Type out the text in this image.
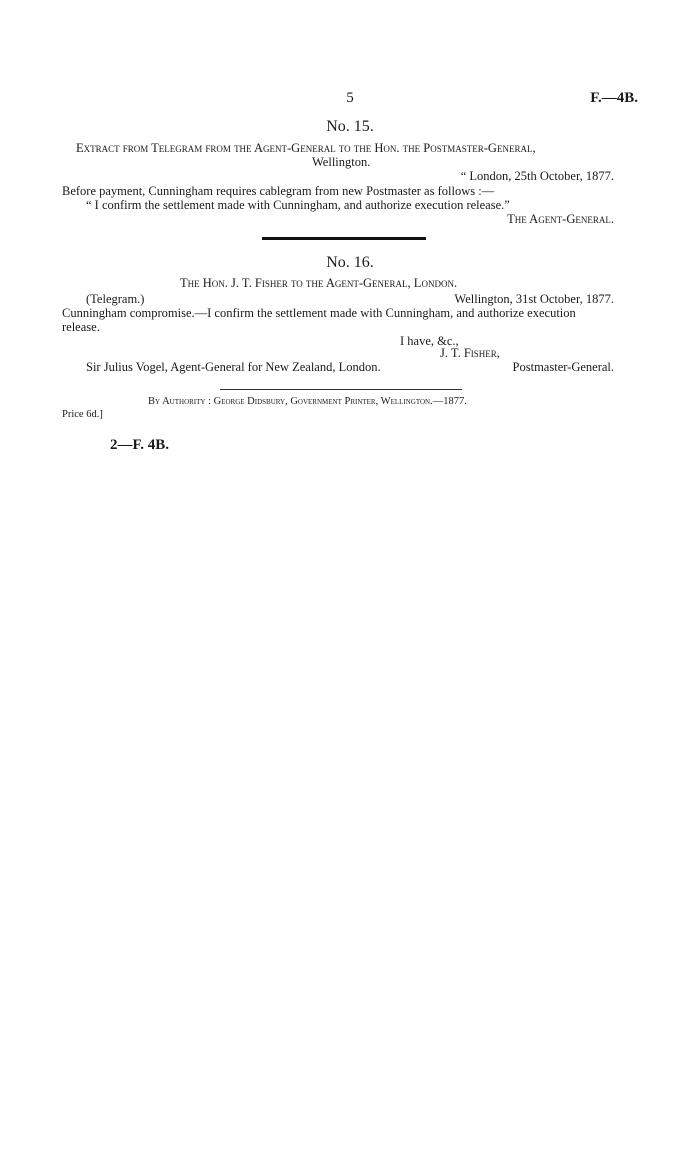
5	F.—4B.
No. 15.
Extract from Telegram from the Agent-General to the Hon. the Postmaster-General,
Wellington.
“ London, 25th October, 1877.
Before payment, Cunningham requires cablegram from new Postmaster as follows :—
“ I confirm the settlement made with Cunningham, and authorize execution release.”
The Agent-General.
No. 16.
The Hon. J. T. Fisher to the Agent-General, London.
(Telegram.)	Wellington, 31st October, 1877.
Cunningham compromise.—I confirm the settlement made with Cunningham, and authorize execution
release.
I have, &c.,
J. T. Fisher,
Sir Julius Vogel, Agent-General for New Zealand, London.	Postmaster-General.
By Authority : George Didsbury, Government Printer, Wellington.—1877.
Price 6d.]
2—F. 4B.
